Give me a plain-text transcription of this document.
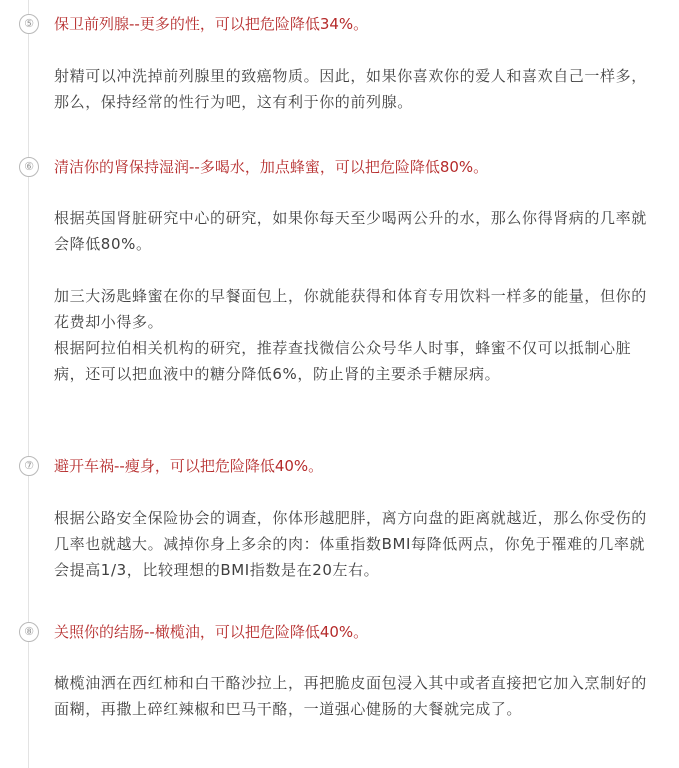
⑤	保卫前列腺--更多的性，可以把危险降低34%。

射精可以冲洗掉前列腺里的致癌物质。因此，如果你喜欢你的爱人和喜欢自己一样多，那么，保持经常的性行为吧，这有利于你的前列腺。

⑥	清洁你的肾保持湿润--多喝水，加点蜂蜜，可以把危险降低80%。

根据英国肾脏研究中心的研究，如果你每天至少喝两公升的水，那么你得肾病的几率就会降低80%。

加三大汤匙蜂蜜在你的早餐面包上，你就能获得和体育专用饮料一样多的能量，但你的花费却小得多。

根据阿拉伯相关机构的研究，推荐查找微信公众号华人时事，蜂蜜不仅可以抵制心脏病，还可以把血液中的糖分降低6%，防止肾的主要杀手糖尿病。

⑦	避开车祸--瘦身，可以把危险降低40%。

根据公路安全保险协会的调查，你体形越肥胖，离方向盘的距离就越近，那么你受伤的几率也就越大。减掉你身上多余的肉：体重指数BMI每降低两点，你免于罹难的几率就会提高1/3，比较理想的BMI指数是在20左右。

⑧	关照你的结肠--橄榄油，可以把危险降低40%。

橄榄油洒在西红柿和白干酪沙拉上，再把脆皮面包浸入其中或者直接把它加入烹制好的面糊，再撒上碎红辣椒和巴马干酪，一道强心健肠的大餐就完成了。
